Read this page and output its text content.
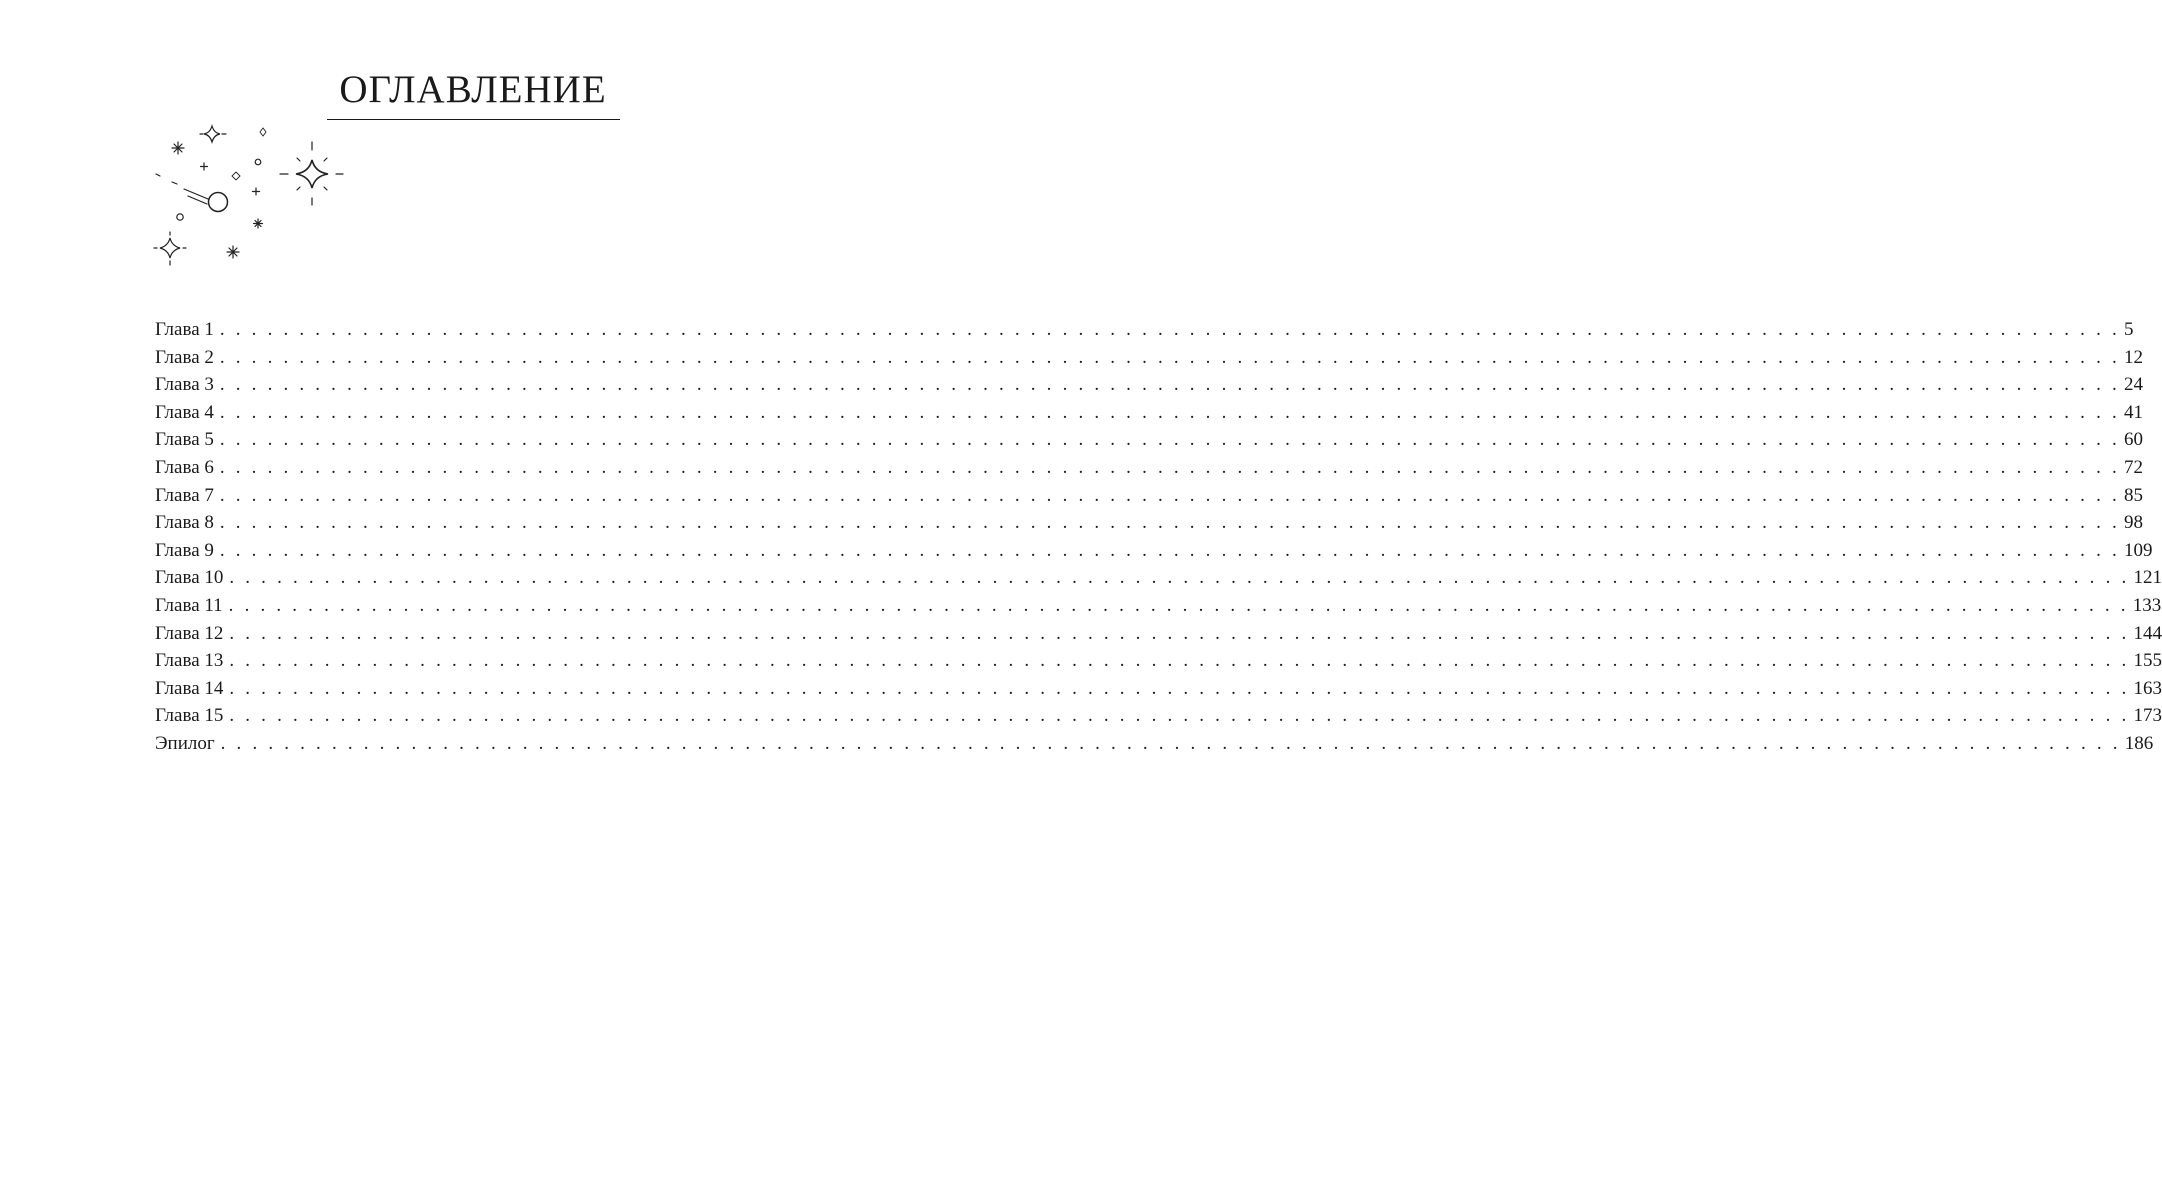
ОГЛАВЛЕНИЕ
Глава 1 . . . . . . . . . . . . . . . . . . . . . . . . . . . . . . . . . . . . . . . . . . . . . . . . . . . . . . . . . . . . . . . . . . . . . . . . . . . . . . . . . . . . . . . . . . . . . . . . . . . . . . . . . . . . . . . . . . . . . . . . 5
Глава 2 . . . . . . . . . . . . . . . . . . . . . . . . . . . . . . . . . . . . . . . . . . . . . . . . . . . . . . . . . . . . . . . . . . . . . . . . . . . . . . . . . . . . . . . . . . . . . . . . . . . . . . . . . . . . . . . . . . . . . . . . 12
Глава 3 . . . . . . . . . . . . . . . . . . . . . . . . . . . . . . . . . . . . . . . . . . . . . . . . . . . . . . . . . . . . . . . . . . . . . . . . . . . . . . . . . . . . . . . . . . . . . . . . . . . . . . . . . . . . . . . . . . . . . . . . 24
Глава 4 . . . . . . . . . . . . . . . . . . . . . . . . . . . . . . . . . . . . . . . . . . . . . . . . . . . . . . . . . . . . . . . . . . . . . . . . . . . . . . . . . . . . . . . . . . . . . . . . . . . . . . . . . . . . . . . . . . . . . . . . 41
Глава 5 . . . . . . . . . . . . . . . . . . . . . . . . . . . . . . . . . . . . . . . . . . . . . . . . . . . . . . . . . . . . . . . . . . . . . . . . . . . . . . . . . . . . . . . . . . . . . . . . . . . . . . . . . . . . . . . . . . . . . . . . 60
Глава 6 . . . . . . . . . . . . . . . . . . . . . . . . . . . . . . . . . . . . . . . . . . . . . . . . . . . . . . . . . . . . . . . . . . . . . . . . . . . . . . . . . . . . . . . . . . . . . . . . . . . . . . . . . . . . . . . . . . . . . . . . 72
Глава 7 . . . . . . . . . . . . . . . . . . . . . . . . . . . . . . . . . . . . . . . . . . . . . . . . . . . . . . . . . . . . . . . . . . . . . . . . . . . . . . . . . . . . . . . . . . . . . . . . . . . . . . . . . . . . . . . . . . . . . . . . 85
Глава 8 . . . . . . . . . . . . . . . . . . . . . . . . . . . . . . . . . . . . . . . . . . . . . . . . . . . . . . . . . . . . . . . . . . . . . . . . . . . . . . . . . . . . . . . . . . . . . . . . . . . . . . . . . . . . . . . . . . . . . . . . 98
Глава 9 . . . . . . . . . . . . . . . . . . . . . . . . . . . . . . . . . . . . . . . . . . . . . . . . . . . . . . . . . . . . . . . . . . . . . . . . . . . . . . . . . . . . . . . . . . . . . . . . . . . . . . . . . . . . . . . . . . . . . . . . 109
Глава 10 . . . . . . . . . . . . . . . . . . . . . . . . . . . . . . . . . . . . . . . . . . . . . . . . . . . . . . . . . . . . . . . . . . . . . . . . . . . . . . . . . . . . . . . . . . . . . . . . . . . . . . . . . . . . . . . . . . . . . . . . 121
Глава 11 . . . . . . . . . . . . . . . . . . . . . . . . . . . . . . . . . . . . . . . . . . . . . . . . . . . . . . . . . . . . . . . . . . . . . . . . . . . . . . . . . . . . . . . . . . . . . . . . . . . . . . . . . . . . . . . . . . . . . . . . 133
Глава 12 . . . . . . . . . . . . . . . . . . . . . . . . . . . . . . . . . . . . . . . . . . . . . . . . . . . . . . . . . . . . . . . . . . . . . . . . . . . . . . . . . . . . . . . . . . . . . . . . . . . . . . . . . . . . . . . . . . . . . . . . 144
Глава 13 . . . . . . . . . . . . . . . . . . . . . . . . . . . . . . . . . . . . . . . . . . . . . . . . . . . . . . . . . . . . . . . . . . . . . . . . . . . . . . . . . . . . . . . . . . . . . . . . . . . . . . . . . . . . . . . . . . . . . . . . 155
Глава 14 . . . . . . . . . . . . . . . . . . . . . . . . . . . . . . . . . . . . . . . . . . . . . . . . . . . . . . . . . . . . . . . . . . . . . . . . . . . . . . . . . . . . . . . . . . . . . . . . . . . . . . . . . . . . . . . . . . . . . . . . 163
Глава 15 . . . . . . . . . . . . . . . . . . . . . . . . . . . . . . . . . . . . . . . . . . . . . . . . . . . . . . . . . . . . . . . . . . . . . . . . . . . . . . . . . . . . . . . . . . . . . . . . . . . . . . . . . . . . . . . . . . . . . . . . 173
Эпилог . . . . . . . . . . . . . . . . . . . . . . . . . . . . . . . . . . . . . . . . . . . . . . . . . . . . . . . . . . . . . . . . . . . . . . . . . . . . . . . . . . . . . . . . . . . . . . . . . . . . . . . . . . . . . . . . . . . . . . . . 186
